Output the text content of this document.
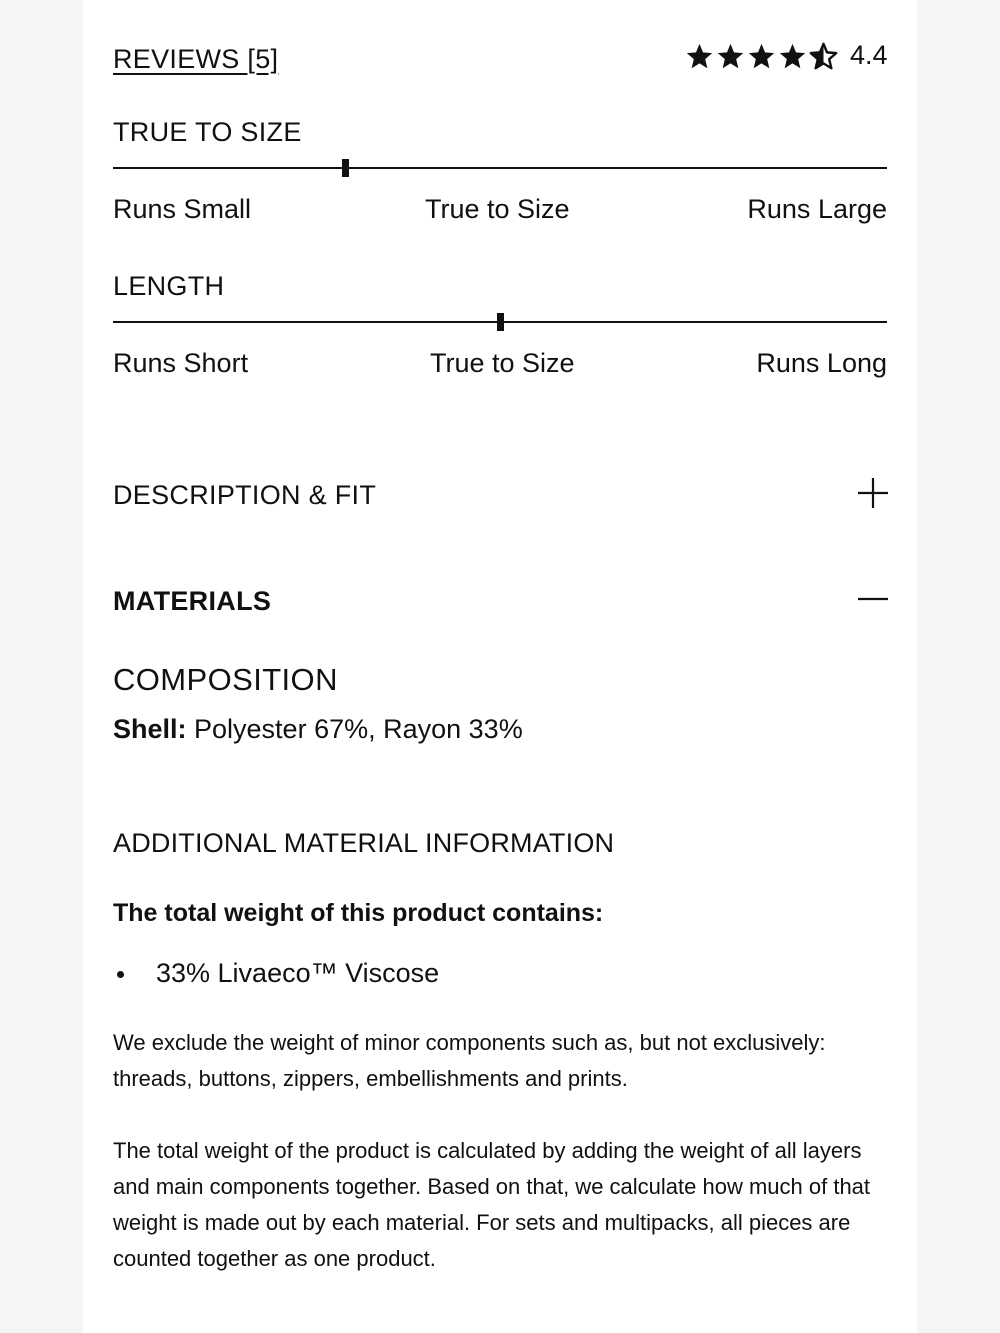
REVIEWS [5]	4.4
TRUE TO SIZE
Runs Small	True to Size	Runs Large
LENGTH
Runs Short	True to Size	Runs Long
DESCRIPTION & FIT
MATERIALS
COMPOSITION
Shell: Polyester 67%, Rayon 33%
ADDITIONAL MATERIAL INFORMATION
The total weight of this product contains:
33% Livaeco™ Viscose
We exclude the weight of minor components such as, but not exclusively: threads, buttons, zippers, embellishments and prints.
The total weight of the product is calculated by adding the weight of all layers and main components together. Based on that, we calculate how much of that weight is made out by each material. For sets and multipacks, all pieces are counted together as one product.
